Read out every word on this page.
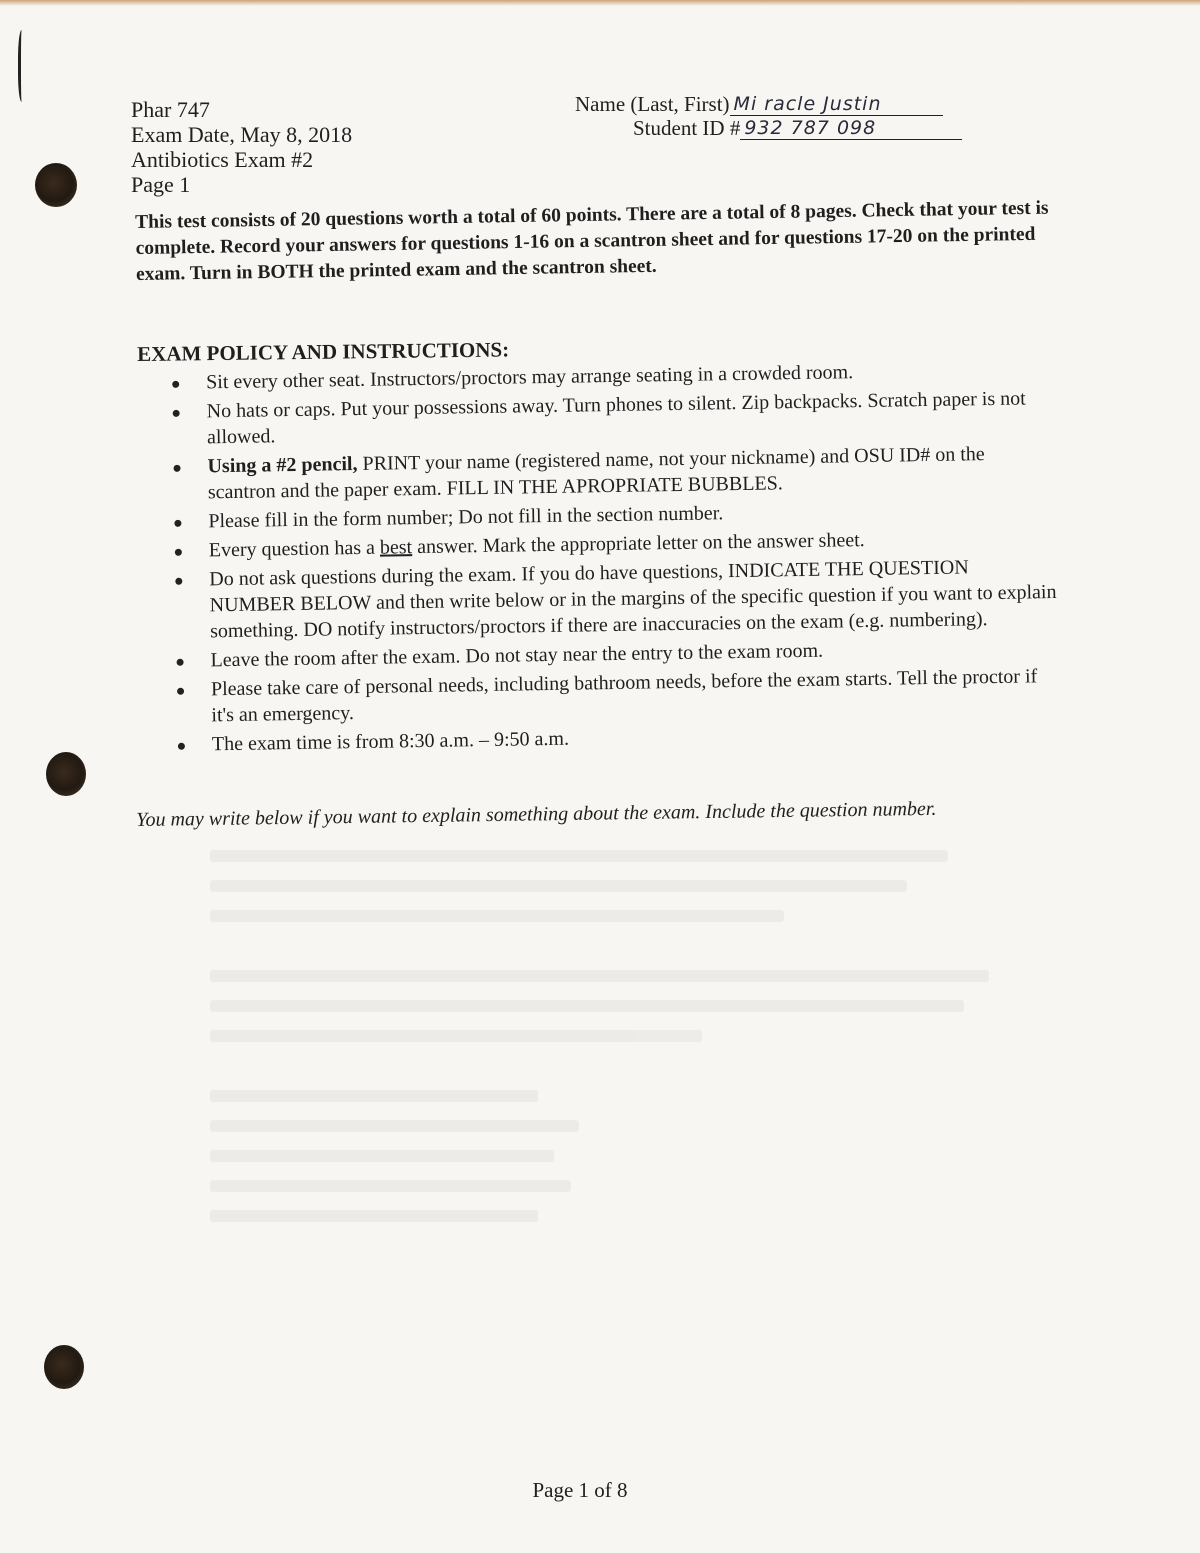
Phar 747
Exam Date, May 8, 2018
Antibiotics Exam #2
Page 1
Name (Last, First) Mi racle Justin
Student ID # 932 787 098
This test consists of 20 questions worth a total of 60 points. There are a total of 8 pages. Check that your test is complete. Record your answers for questions 1-16 on a scantron sheet and for questions 17-20 on the printed exam. Turn in BOTH the printed exam and the scantron sheet.
EXAM POLICY AND INSTRUCTIONS:
Sit every other seat. Instructors/proctors may arrange seating in a crowded room.
No hats or caps. Put your possessions away. Turn phones to silent. Zip backpacks. Scratch paper is not allowed.
Using a #2 pencil, PRINT your name (registered name, not your nickname) and OSU ID# on the scantron and the paper exam. FILL IN THE APROPRIATE BUBBLES.
Please fill in the form number; Do not fill in the section number.
Every question has a best answer. Mark the appropriate letter on the answer sheet.
Do not ask questions during the exam. If you do have questions, INDICATE THE QUESTION NUMBER BELOW and then write below or in the margins of the specific question if you want to explain something. DO notify instructors/proctors if there are inaccuracies on the exam (e.g. numbering).
Leave the room after the exam. Do not stay near the entry to the exam room.
Please take care of personal needs, including bathroom needs, before the exam starts. Tell the proctor if it's an emergency.
The exam time is from 8:30 a.m. – 9:50 a.m.
You may write below if you want to explain something about the exam. Include the question number.
Page 1 of 8
